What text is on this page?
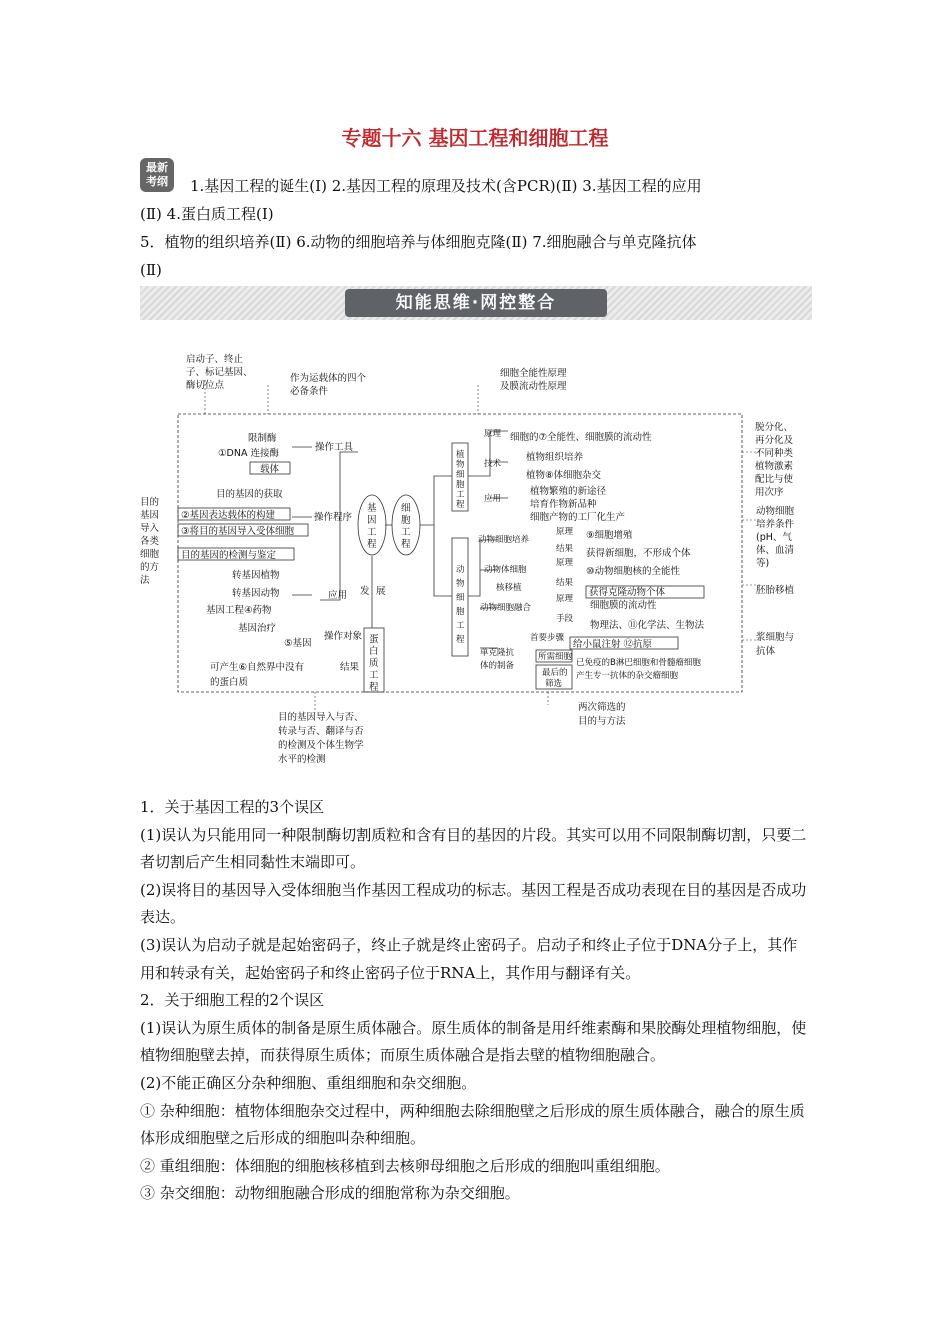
专题十六 基因工程和细胞工程
最新
考纲	1.基因工程的诞生(Ⅰ) 2.基因工程的原理及技术(含PCR)(Ⅱ) 3.基因工程的应用
(Ⅱ) 4.蛋白质工程(Ⅰ)
5．植物的组织培养(Ⅱ) 6.动物的细胞培养与体细胞克隆(Ⅱ) 7.细胞融合与单克隆抗体
(Ⅱ)
知能思维·网控整合
启动子、终止
子、标记基因、
酶切位点
作为运载体的四个
必备条件
细胞全能性原理
及膜流动性原理
限制酶
①DNA 连接酶
载体
操作工具
目的基因的获取
②基因表达载体的构建
③将目的基因导入受体细胞
目的基因的检测与鉴定
操作程序
转基因植物
转基因动物
基因工程④药物
基因治疗
应用
基
因
工
程
细
胞
工
程
发 展
蛋
白
质
工
程
操作对象
⑤基因
结果
可产生⑥自然界中没有
的蛋白质
目的
基因
导入
各类
细胞
的方
法
目的基因导入与否、
转录与否、翻译与否
的检测及个体生物学
水平的检测
植
物
细
胞
工
程
原理 细胞的⑦全能性、细胞膜的流动性
技术
植物组织培养
植物⑧体细胞杂交
应用
植物繁殖的新途径
培育作物新品种
细胞产物的工厂化生产
脱分化、
再分化及
不同种类
植物激素
配比与使
用次序
动
物
细
胞
工
程
动物细胞培养
原理 ⑨细胞增殖
结果 获得新细胞，不形成个体
动物体细胞
核移植
原理
⑩动物细胞核的全能性
结果
获得克隆动物个体
动物细胞
培养条件
(pH、气
体、血清
等)
胚胎移植
动物细胞融合
原理
细胞膜的流动性
手段
物理法、⑪化学法、生物法
单克隆抗
体的制备
首要步骤
给小鼠注射 ⑫抗原
所需细胞
已免疫的B淋巴细胞和骨髓瘤细胞
产生专一抗体的杂交瘤细胞
最后的
筛选
浆细胞与
抗体
两次筛选的
目的与方法

1．关于基因工程的3个误区

(1)误认为只能用同一种限制酶切割质粒和含有目的基因的片段。其实可以用不同限制酶切割，只要二者切割后产生相同黏性末端即可。

(2)误将目的基因导入受体细胞当作基因工程成功的标志。基因工程是否成功表现在目的基因是否成功表达。

(3)误认为启动子就是起始密码子，终止子就是终止密码子。启动子和终止子位于DNA分子上，其作用和转录有关，起始密码子和终止密码子位于RNA上，其作用与翻译有关。

2．关于细胞工程的2个误区

(1)误认为原生质体的制备是原生质体融合。原生质体的制备是用纤维素酶和果胶酶处理植物细胞，使植物细胞壁去掉，而获得原生质体；而原生质体融合是指去壁的植物细胞融合。

(2)不能正确区分杂种细胞、重组细胞和杂交细胞。

① 杂种细胞：植物体细胞杂交过程中，两种细胞去除细胞壁之后形成的原生质体融合，融合的原生质体形成细胞壁之后形成的细胞叫杂种细胞。

② 重组细胞：体细胞的细胞核移植到去核卵母细胞之后形成的细胞叫重组细胞。

③ 杂交细胞：动物细胞融合形成的细胞常称为杂交细胞。
